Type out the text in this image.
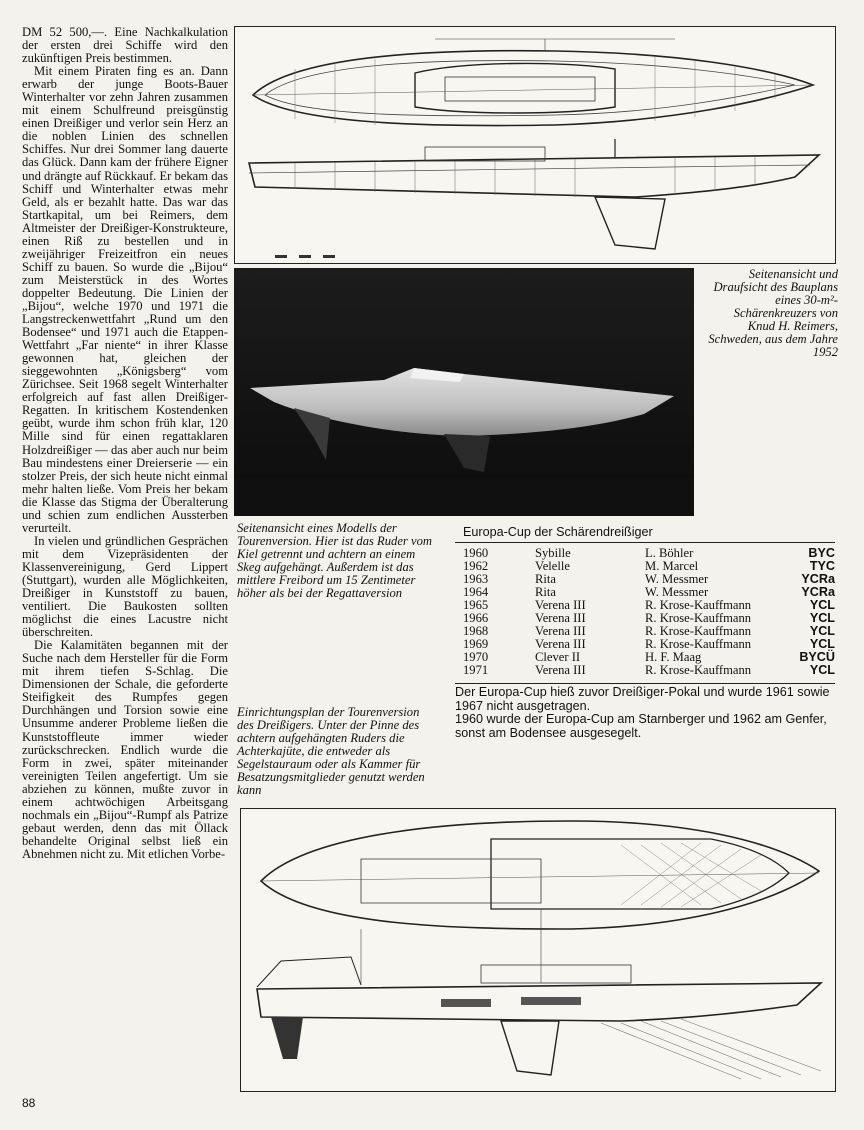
DM 52 500,—. Eine Nachkalkulation der ersten drei Schiffe wird den zukünftigen Preis bestimmen.

Mit einem Piraten fing es an. Dann erwarb der junge Boots-Bauer Winterhalter vor zehn Jahren zusammen mit einem Schulfreund preisgünstig einen Dreißiger und verlor sein Herz an die noblen Linien des schnellen Schiffes. Nur drei Sommer lang dauerte das Glück. Dann kam der frühere Eigner und drängte auf Rückkauf. Er bekam das Schiff und Winterhalter etwas mehr Geld, als er bezahlt hatte. Das war das Startkapital, um bei Reimers, dem Altmeister der Dreißiger-Konstrukteure, einen Riß zu bestellen und in zweijähriger Freizeitfron ein neues Schiff zu bauen. So wurde die „Bijou“ zum Meisterstück in des Wortes doppelter Bedeutung. Die Linien der „Bijou“, welche 1970 und 1971 die Langstreckenwettfahrt „Rund um den Bodensee“ und 1971 auch die Etappen-Wettfahrt „Far niente“ in ihrer Klasse gewonnen hat, gleichen der sieggewohnten „Königsberg“ vom Zürichsee. Seit 1968 segelt Winterhalter erfolgreich auf fast allen Dreißiger-Regatten. In kritischem Kostendenken geübt, wurde ihm schon früh klar, 120 Mille sind für einen regattaklaren Holzdreißiger — das aber auch nur beim Bau mindestens einer Dreierserie — ein stolzer Preis, der sich heute nicht einmal mehr halten ließe. Vom Preis her bekam die Klasse das Stigma der Überalterung und schien zum endlichen Aussterben verurteilt.

In vielen und gründlichen Gesprächen mit dem Vizepräsidenten der Klassenvereinigung, Gerd Lippert (Stuttgart), wurden alle Möglichkeiten, Dreißiger in Kunststoff zu bauen, ventiliert. Die Baukosten sollten möglichst die eines Lacustre nicht überschreiten.

Die Kalamitäten begannen mit der Suche nach dem Hersteller für die Form mit ihrem tiefen S-Schlag. Die Dimensionen der Schale, die geforderte Steifigkeit des Rumpfes gegen Durchhängen und Torsion sowie eine Unsumme anderer Probleme ließen die Kunststoffleute immer wieder zurückschrecken. Endlich wurde die Form in zwei, später miteinander vereinigten Teilen angefertigt. Um sie abziehen zu können, mußte zuvor in einem achtwöchigen Arbeitsgang nochmals ein „Bijou“-Rumpf als Patrize gebaut werden, denn das mit Öllack behandelte Original selbst ließ ein Abnehmen nicht zu. Mit etlichen Vorbe-

88
Seitenansicht und Draufsicht des Bauplans eines 30-m²-Schärenkreuzers von Knud H. Reimers, Schweden, aus dem Jahre 1952
Seitenansicht eines Modells der Tourenversion. Hier ist das Ruder vom Kiel getrennt und achtern an einem Skeg aufgehängt. Außerdem ist das mittlere Freibord um 15 Zentimeter höher als bei der Regattaversion
Einrichtungsplan der Tourenversion des Dreißigers. Unter der Pinne des achtern aufgehängten Ruders die Achterkajüte, die entweder als Segelstauraum oder als Kammer für Besatzungsmitglieder genutzt werden kann
Europa-Cup der Schärendreißiger
1960	Sybille	L. Böhler	BYC
1962	Velelle	M. Marcel	TYC
1963	Rita	W. Messmer	YCRa
1964	Rita	W. Messmer	YCRa
1965	Verena III	R. Krose-Kauffmann	YCL
1966	Verena III	R. Krose-Kauffmann	YCL
1968	Verena III	R. Krose-Kauffmann	YCL
1969	Verena III	R. Krose-Kauffmann	YCL
1970	Clever II	H. F. Maag	BYCÜ
1971	Verena III	R. Krose-Kauffmann	YCL

Der Europa-Cup hieß zuvor Dreißiger-Pokal und wurde 1961 sowie 1967 nicht ausgetragen.

1960 wurde der Europa-Cup am Starnberger und 1962 am Genfer, sonst am Bodensee ausgesegelt.
